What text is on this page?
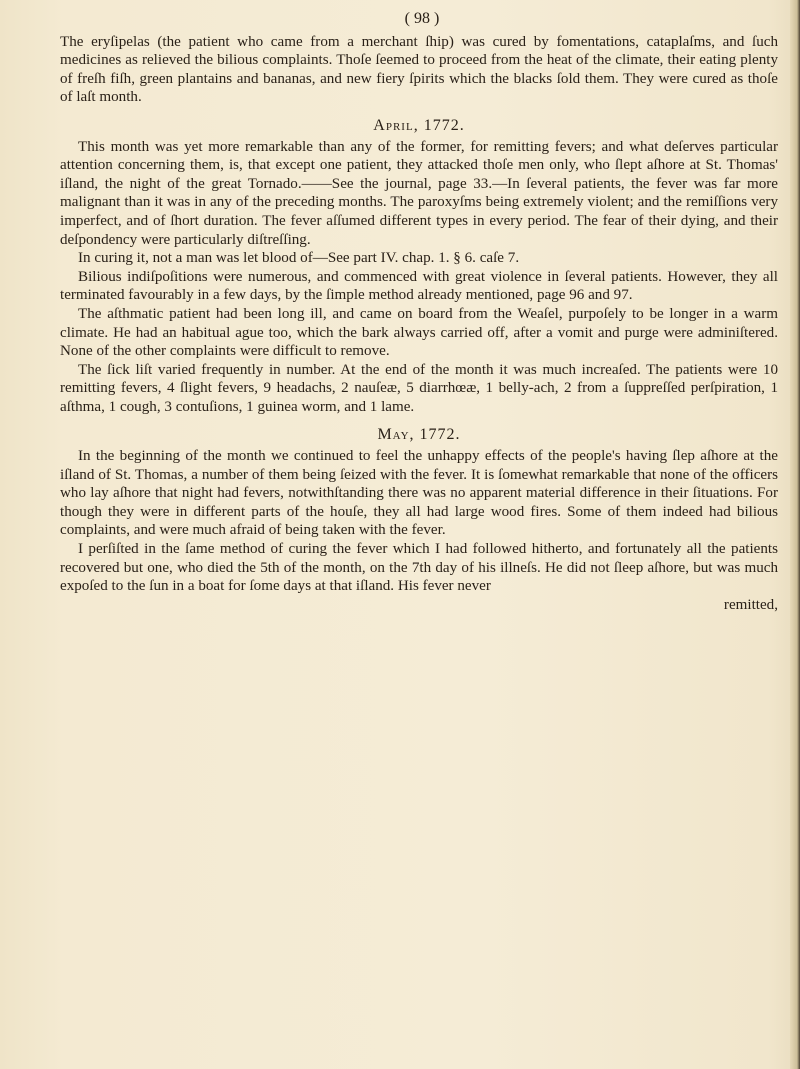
( 98 )

The eryſipelas (the patient who came from a merchant ſhip) was cured by fomentations, cataplaſms, and ſuch medicines as relieved the bilious complaints. Thoſe ſeemed to proceed from the heat of the climate, their eating plenty of freſh fiſh, green plantains and bananas, and new fiery ſpirits which the blacks ſold them. They were cured as thoſe of laſt month.

April, 1772.

This month was yet more remarkable than any of the former, for remitting fevers; and what deſerves particular attention concerning them, is, that except one patient, they attacked thoſe men only, who ſlept aſhore at St. Thomas' iſland, the night of the great Tornado.——See the journal, page 33.—In ſeveral patients, the fever was far more malignant than it was in any of the preceding months. The paroxyſms being extremely violent; and the remiſſions very imperfect, and of ſhort duration. The fever aſſumed different types in every period. The fear of their dying, and their deſpondency were particularly diſtreſſing.

In curing it, not a man was let blood of—See part IV. chap. 1. § 6. caſe 7.

Bilious indiſpoſitions were numerous, and commenced with great violence in ſeveral patients. However, they all terminated favourably in a few days, by the ſimple method already mentioned, page 96 and 97.

The aſthmatic patient had been long ill, and came on board from the Weaſel, purpoſely to be longer in a warm climate. He had an habitual ague too, which the bark always carried off, after a vomit and purge were adminiſtered. None of the other complaints were difficult to remove.

The ſick liſt varied frequently in number. At the end of the month it was much increaſed. The patients were 10 remitting fevers, 4 ſlight fevers, 9 headachs, 2 nauſeæ, 5 diarrhœæ, 1 belly-ach, 2 from a ſuppreſſed perſpiration, 1 aſthma, 1 cough, 3 contuſions, 1 guinea worm, and 1 lame.

May, 1772.

In the beginning of the month we continued to feel the unhappy effects of the people's having ſlep aſhore at the iſland of St. Thomas, a number of them being ſeized with the fever. It is ſomewhat remarkable that none of the officers who lay aſhore that night had fevers, notwithſtanding there was no apparent material difference in their ſituations. For though they were in different parts of the houſe, they all had large wood fires. Some of them indeed had bilious complaints, and were much afraid of being taken with the fever.

I perſiſted in the ſame method of curing the fever which I had followed hitherto, and fortunately all the patients recovered but one, who died the 5th of the month, on the 7th day of his illneſs. He did not ſleep aſhore, but was much expoſed to the ſun in a boat for ſome days at that iſland. His fever never

remitted,
